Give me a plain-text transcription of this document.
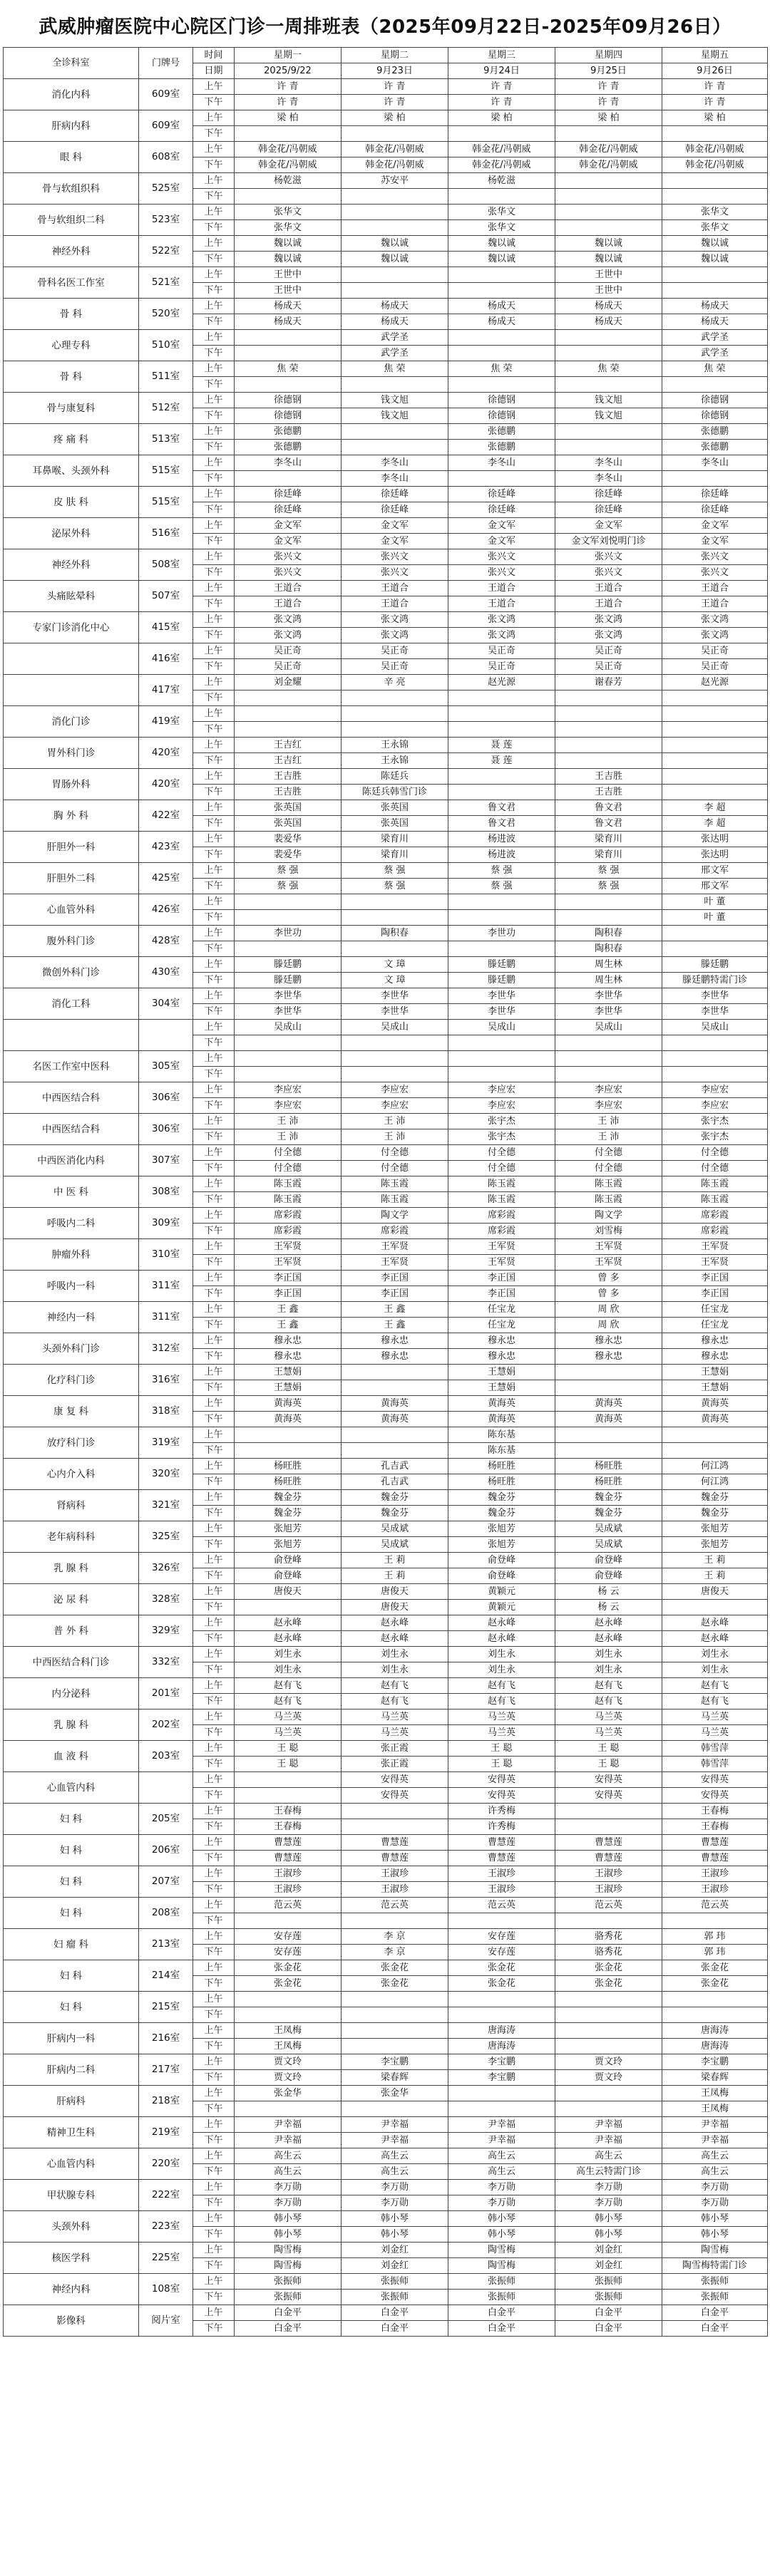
武威肿瘤医院中心院区门诊一周排班表（2025年09月22日-2025年09月26日）
全诊科室	门牌号	时间	星期一	星期二	星期三	星期四	星期五
		日期	2025/9/22	9月23日	9月24日	9月25日	9月26日
消化内科	609室	上午	许 青	许 青	许 青	许 青	许 青
		下午	许 青	许 青	许 青	许 青	许 青
肝病内科	609室	上午	梁 柏	梁 柏	梁 柏	梁 柏	梁 柏
		下午					
眼 科	608室	上午	韩金花/冯朝威	韩金花/冯朝威	韩金花/冯朝威	韩金花/冯朝威	韩金花/冯朝威
		下午	韩金花/冯朝威	韩金花/冯朝威	韩金花/冯朝威	韩金花/冯朝威	韩金花/冯朝威
骨与软组织科	525室	上午	杨乾滋	苏安平	杨乾滋		
		下午					
骨与软组织二科	523室	上午	张华文		张华文		张华文
		下午	张华文		张华文		张华文
神经外科	522室	上午	魏以诚	魏以诚	魏以诚	魏以诚	魏以诚
		下午	魏以诚	魏以诚	魏以诚	魏以诚	魏以诚
骨科名医工作室	521室	上午	王世中			王世中	
		下午	王世中			王世中	
骨 科	520室	上午	杨成天	杨成天	杨成天	杨成天	杨成天
		下午	杨成天	杨成天	杨成天	杨成天	杨成天
心理专科	510室	上午		武学圣			武学圣
		下午		武学圣			武学圣
骨 科	511室	上午	焦 荣	焦 荣	焦 荣	焦 荣	焦 荣
		下午					
骨与康复科	512室	上午	徐德钢	钱文旭	徐德钢	钱文旭	徐德钢
		下午	徐德钢	钱文旭	徐德钢	钱文旭	徐德钢
疼 痛 科	513室	上午	张德鹏		张德鹏		张德鹏
		下午	张德鹏		张德鹏		张德鹏
耳鼻喉、头颈外科	515室	上午	李冬山	李冬山	李冬山	李冬山	李冬山
		下午		李冬山		李冬山	
皮 肤 科	515室	上午	徐廷峰	徐廷峰	徐廷峰	徐廷峰	徐廷峰
		下午	徐廷峰	徐廷峰	徐廷峰	徐廷峰	徐廷峰
泌尿外科	516室	上午	金文军	金文军	金文军	金文军	金文军
		下午	金文军	金文军	金文军	金文军刘悦明门诊	金文军
神经外科	508室	上午	张兴文	张兴文	张兴文	张兴文	张兴文
		下午	张兴文	张兴文	张兴文	张兴文	张兴文
头痛眩晕科	507室	上午	王道合	王道合	王道合	王道合	王道合
		下午	王道合	王道合	王道合	王道合	王道合
专家门诊消化中心	415室	上午	张文鸿	张文鸿	张文鸿	张文鸿	张文鸿
		下午	张文鸿	张文鸿	张文鸿	张文鸿	张文鸿
	416室	上午	吴正奇	吴正奇	吴正奇	吴正奇	吴正奇
		下午	吴正奇	吴正奇	吴正奇	吴正奇	吴正奇
	417室	上午	刘金耀	辛 亮	赵光源	谢春芳	赵光源
		下午					
消化门诊	419室	上午					
		下午					
胃外科门诊	420室	上午	王吉红	王永锦	聂 莲		
		下午	王吉红	王永锦	聂 莲		
胃肠外科	420室	上午	王吉胜	陈廷兵		王吉胜	
		下午	王吉胜	陈廷兵韩雪门诊		王吉胜	
胸 外 科	422室	上午	张英国	张英国	鲁文君	鲁文君	李 超
		下午	张英国	张英国	鲁文君	鲁文君	李 超
肝胆外一科	423室	上午	裴爱华	梁育川	杨进波	梁育川	张达明
		下午	裴爱华	梁育川	杨进波	梁育川	张达明
肝胆外二科	425室	上午	蔡 强	蔡 强	蔡 强	蔡 强	邢文军
		下午	蔡 强	蔡 强	蔡 强	蔡 强	邢文军
心血管外科	426室	上午					叶 董
		下午					叶 董
腹外科门诊	428室	上午	李世功	陶积春	李世功	陶积春	
		下午				陶积春	
微创外科门诊	430室	上午	滕廷鹏	文 璋	滕廷鹏	周生林	滕廷鹏
		下午	滕廷鹏	文 璋	滕廷鹏	周生林	滕廷鹏特需门诊
消化工科	304室	上午	李世华	李世华	李世华	李世华	李世华
		下午	李世华	李世华	李世华	李世华	李世华
		上午	吴成山	吴成山	吴成山	吴成山	吴成山
		下午					
名医工作室中医科	305室	上午					
		下午					
中西医结合科	306室	上午	李应宏	李应宏	李应宏	李应宏	李应宏
		下午	李应宏	李应宏	李应宏	李应宏	李应宏
中西医结合科	306室	上午	王 沛	王 沛	张宇杰	王 沛	张宇杰
		下午	王 沛	王 沛	张宇杰	王 沛	张宇杰
中西医消化内科	307室	上午	付全德	付全德	付全德	付全德	付全德
		下午	付全德	付全德	付全德	付全德	付全德
中 医 科	308室	上午	陈玉霞	陈玉霞	陈玉霞	陈玉霞	陈玉霞
		下午	陈玉霞	陈玉霞	陈玉霞	陈玉霞	陈玉霞
呼吸内二科	309室	上午	席彩霞	陶文学	席彩霞	陶文学	席彩霞
		下午	席彩霞	席彩霞	席彩霞	刘雪梅	席彩霞
肿瘤外科	310室	上午	王军贤	王军贤	王军贤	王军贤	王军贤
		下午	王军贤	王军贤	王军贤	王军贤	王军贤
呼吸内一科	311室	上午	李正国	李正国	李正国	曾 多	李正国
		下午	李正国	李正国	李正国	曾 多	李正国
神经内一科	311室	上午	王 鑫	王 鑫	任宝龙	周 欣	任宝龙
		下午	王 鑫	王 鑫	任宝龙	周 欣	任宝龙
头颈外科门诊	312室	上午	穆永忠	穆永忠	穆永忠	穆永忠	穆永忠
		下午	穆永忠	穆永忠	穆永忠	穆永忠	穆永忠
化疗科门诊	316室	上午	王慧娟		王慧娟		王慧娟
		下午	王慧娟		王慧娟		王慧娟
康 复 科	318室	上午	黄海英	黄海英	黄海英	黄海英	黄海英
		下午	黄海英	黄海英	黄海英	黄海英	黄海英
放疗科门诊	319室	上午			陈东基		
		下午			陈东基		
心内介入科	320室	上午	杨旺胜	孔吉武	杨旺胜	杨旺胜	何江鸿
		下午	杨旺胜	孔吉武	杨旺胜	杨旺胜	何江鸿
肾病科	321室	上午	魏金芬	魏金芬	魏金芬	魏金芬	魏金芬
		下午	魏金芬	魏金芬	魏金芬	魏金芬	魏金芬
老年病科科	325室	上午	张旭芳	吴成斌	张旭芳	吴成斌	张旭芳
		下午	张旭芳	吴成斌	张旭芳	吴成斌	张旭芳
乳 腺 科	326室	上午	俞登峰	王 莉	俞登峰	俞登峰	王 莉
		下午	俞登峰	王 莉	俞登峰	俞登峰	王 莉
泌 尿 科	328室	上午	唐俊天	唐俊天	黄颖元	杨 云	唐俊天
		下午		唐俊天	黄颖元	杨 云	
普 外 科	329室	上午	赵永峰	赵永峰	赵永峰	赵永峰	赵永峰
		下午	赵永峰	赵永峰	赵永峰	赵永峰	赵永峰
中西医结合科门诊	332室	上午	刘生永	刘生永	刘生永	刘生永	刘生永
		下午	刘生永	刘生永	刘生永	刘生永	刘生永
内分泌科	201室	上午	赵有飞	赵有飞	赵有飞	赵有飞	赵有飞
		下午	赵有飞	赵有飞	赵有飞	赵有飞	赵有飞
乳 腺 科	202室	上午	马兰英	马兰英	马兰英	马兰英	马兰英
		下午	马兰英	马兰英	马兰英	马兰英	马兰英
血 液 科	203室	上午	王 聪	张正霞	王 聪	王 聪	韩雪萍
		下午	王 聪	张正霞	王 聪	王 聪	韩雪萍
心血管内科		上午		安得英	安得英	安得英	安得英
		下午		安得英	安得英	安得英	安得英
妇 科	205室	上午	王春梅		许秀梅		王春梅
		下午	王春梅		许秀梅		王春梅
妇 科	206室	上午	曹慧莲	曹慧莲	曹慧莲	曹慧莲	曹慧莲
		下午	曹慧莲	曹慧莲	曹慧莲	曹慧莲	曹慧莲
妇 科	207室	上午	王淑珍	王淑珍	王淑珍	王淑珍	王淑珍
		下午	王淑珍	王淑珍	王淑珍	王淑珍	王淑珍
妇 科	208室	上午	范云英	范云英	范云英	范云英	范云英
		下午					
妇 瘤 科	213室	上午	安存莲	李 京	安存莲	骆秀花	郭 玮
		下午	安存莲	李 京	安存莲	骆秀花	郭 玮
妇 科	214室	上午	张金花	张金花	张金花	张金花	张金花
		下午	张金花	张金花	张金花	张金花	张金花
妇 科	215室	上午					
		下午					
肝病内一科	216室	上午	王凤梅		唐海涛		唐海涛
		下午	王凤梅		唐海涛		唐海涛
肝病内二科	217室	上午	贾文玲	李宝鹏	李宝鹏	贾文玲	李宝鹏
		下午	贾文玲	梁春辉	李宝鹏	贾文玲	梁春辉
肝病科	218室	上午	张金华	张金华			王凤梅
		下午					王凤梅
精神卫生科	219室	上午	尹幸福	尹幸福	尹幸福	尹幸福	尹幸福
		下午	尹幸福	尹幸福	尹幸福	尹幸福	尹幸福
心血管内科	220室	上午	高生云	高生云	高生云	高生云	高生云
		下午	高生云	高生云	高生云	高生云特需门诊	高生云
甲状腺专科	222室	上午	李万勋	李万勋	李万勋	李万勋	李万勋
		下午	李万勋	李万勋	李万勋	李万勋	李万勋
头颈外科	223室	上午	韩小琴	韩小琴	韩小琴	韩小琴	韩小琴
		下午	韩小琴	韩小琴	韩小琴	韩小琴	韩小琴
核医学科	225室	上午	陶雪梅	刘金红	陶雪梅	刘金红	陶雪梅
		下午	陶雪梅	刘金红	陶雪梅	刘金红	陶雪梅特需门诊
神经内科	108室	上午	张振师	张振师	张振师	张振师	张振师
		下午	张振师	张振师	张振师	张振师	张振师
影像科	阅片室	上午	白金平	白金平	白金平	白金平	白金平
		下午	白金平	白金平	白金平	白金平	白金平
